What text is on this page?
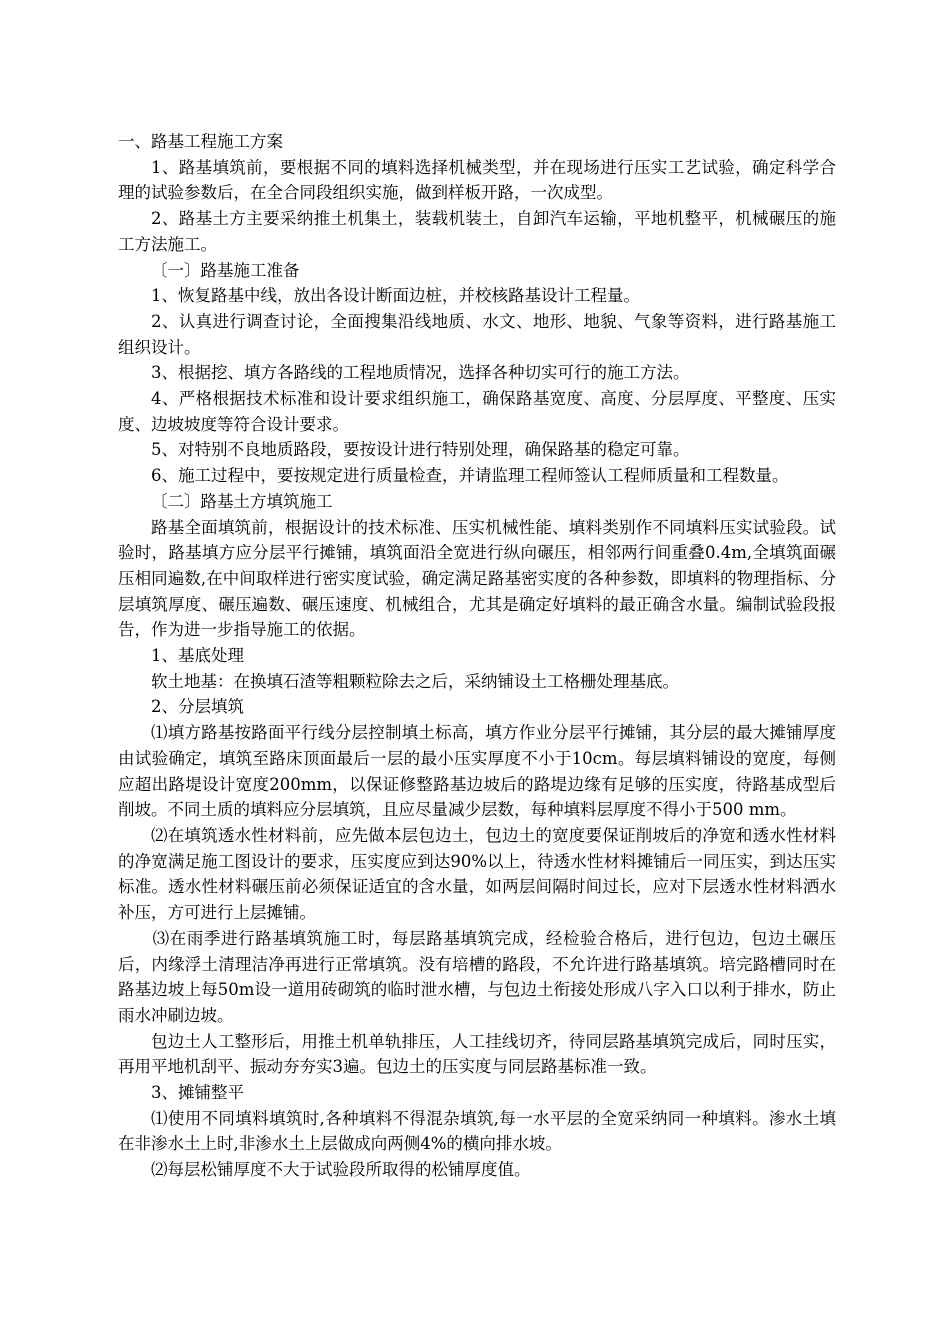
一、路基工程施工方案

1、路基填筑前，要根据不同的填料选择机械类型，并在现场进行压实工艺试验，确定科学合理的试验参数后，在全合同段组织实施，做到样板开路，一次成型。

2、路基土方主要采纳推土机集土，装载机装土，自卸汽车运输，平地机整平，机械碾压的施工方法施工。

〔一〕路基施工准备

1、恢复路基中线，放出各设计断面边桩，并校核路基设计工程量。

2、认真进行调查讨论，全面搜集沿线地质、水文、地形、地貌、气象等资料，进行路基施工组织设计。

3、根据挖、填方各路线的工程地质情况，选择各种切实可行的施工方法。

4、严格根据技术标准和设计要求组织施工，确保路基宽度、高度、分层厚度、平整度、压实度、边坡坡度等符合设计要求。

5、对特别不良地质路段，要按设计进行特别处理，确保路基的稳定可靠。

6、施工过程中，要按规定进行质量检查，并请监理工程师签认工程师质量和工程数量。

〔二〕路基土方填筑施工

路基全面填筑前，根据设计的技术标准、压实机械性能、填料类别作不同填料压实试验段。试验时，路基填方应分层平行摊铺，填筑面沿全宽进行纵向碾压，相邻两行间重叠0.4m,全填筑面碾压相同遍数,在中间取样进行密实度试验，确定满足路基密实度的各种参数，即填料的物理指标、分层填筑厚度、碾压遍数、碾压速度、机械组合，尤其是确定好填料的最正确含水量。编制试验段报告，作为进一步指导施工的依据。

1、基底处理

软土地基：在换填石渣等粗颗粒除去之后，采纳铺设土工格栅处理基底。

2、分层填筑

⑴填方路基按路面平行线分层控制填土标高，填方作业分层平行摊铺，其分层的最大摊铺厚度由试验确定，填筑至路床顶面最后一层的最小压实厚度不小于10cm。每层填料铺设的宽度，每侧应超出路堤设计宽度200mm，以保证修整路基边坡后的路堤边缘有足够的压实度，待路基成型后削坡。不同土质的填料应分层填筑，且应尽量减少层数，每种填料层厚度不得小于500 mm。

⑵在填筑透水性材料前，应先做本层包边土，包边土的宽度要保证削坡后的净宽和透水性材料的净宽满足施工图设计的要求，压实度应到达90%以上，待透水性材料摊铺后一同压实，到达压实标准。透水性材料碾压前必须保证适宜的含水量，如两层间隔时间过长，应对下层透水性材料洒水补压，方可进行上层摊铺。

⑶在雨季进行路基填筑施工时，每层路基填筑完成，经检验合格后，进行包边，包边土碾压后，内缘浮土清理洁净再进行正常填筑。没有培槽的路段，不允许进行路基填筑。培完路槽同时在路基边坡上每50m设一道用砖砌筑的临时泄水槽，与包边土衔接处形成八字入口以利于排水，防止雨水冲刷边坡。

包边土人工整形后，用推土机单轨排压，人工挂线切齐，待同层路基填筑完成后，同时压实，再用平地机刮平、振动夯夯实3遍。包边土的压实度与同层路基标准一致。

3、摊铺整平

⑴使用不同填料填筑时,各种填料不得混杂填筑,每一水平层的全宽采纳同一种填料。渗水土填在非渗水土上时,非渗水土上层做成向两侧4%的横向排水坡。

⑵每层松铺厚度不大于试验段所取得的松铺厚度值。
